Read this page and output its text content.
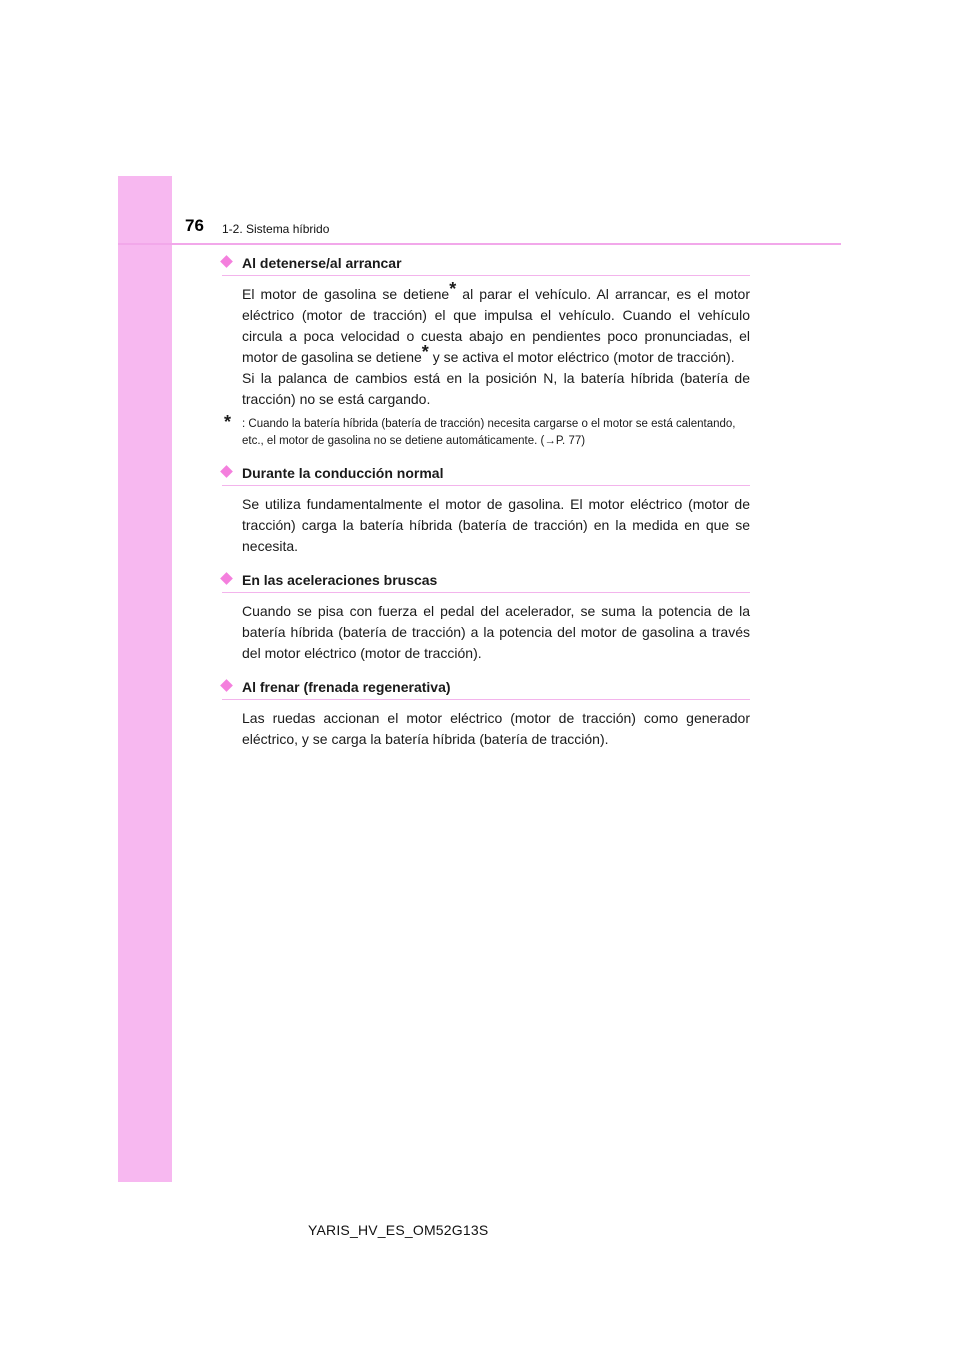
76 1-2. Sistema híbrido
Al detenerse/al arrancar

El motor de gasolina se detiene* al parar el vehículo. Al arrancar, es el motor eléctrico (motor de tracción) el que impulsa el vehículo. Cuando el vehículo circula a poca velocidad o cuesta abajo en pendientes poco pronunciadas, el motor de gasolina se detiene* y se activa el motor eléctrico (motor de tracción).

Si la palanca de cambios está en la posición N, la batería híbrida (batería de tracción) no se está cargando.

* : Cuando la batería híbrida (batería de tracción) necesita cargarse o el motor se está calentando, etc., el motor de gasolina no se detiene automáticamente. (→P. 77)
Durante la conducción normal

Se utiliza fundamentalmente el motor de gasolina. El motor eléctrico (motor de tracción) carga la batería híbrida (batería de tracción) en la medida en que se necesita.

En las aceleraciones bruscas

Cuando se pisa con fuerza el pedal del acelerador, se suma la potencia de la batería híbrida (batería de tracción) a la potencia del motor de gasolina a través del motor eléctrico (motor de tracción).

Al frenar (frenada regenerativa)

Las ruedas accionan el motor eléctrico (motor de tracción) como generador eléctrico, y se carga la batería híbrida (batería de tracción).

YARIS_HV_ES_OM52G13S
